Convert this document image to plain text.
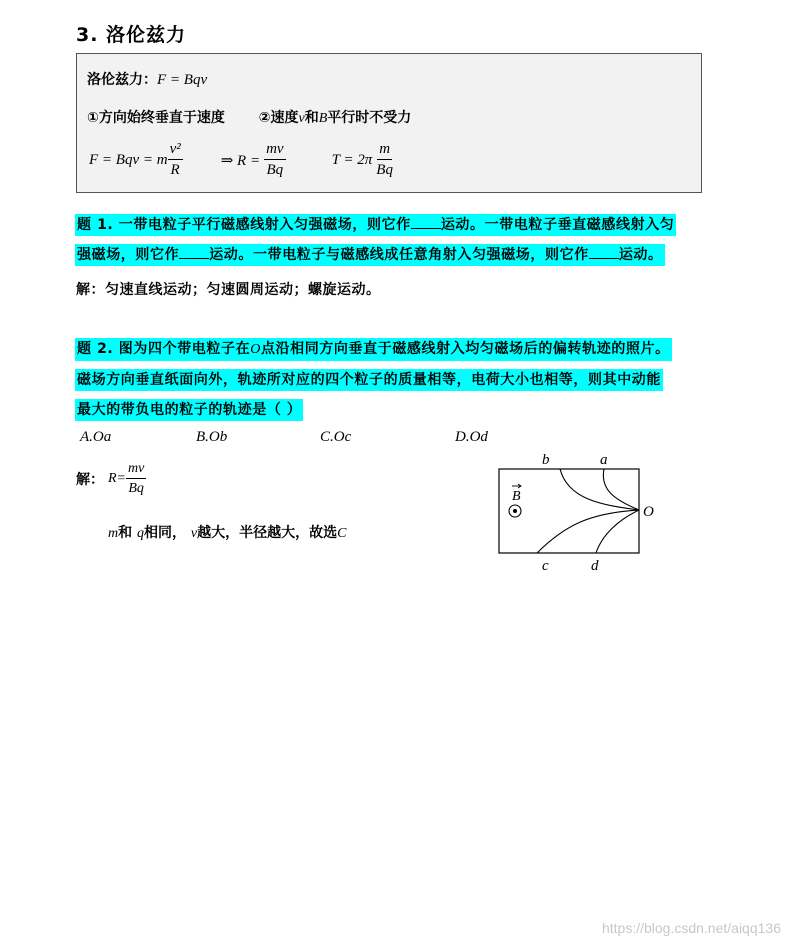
3. 洛伦兹力
洛伦兹力：F = Bqv
①方向始终垂直于速度 ②速度v和B平行时不受力
F = Bqv = m $\frac{\text{v²}}{R}$	⇒ $R = \frac{mv}{Bq}$	$T = 2\pi \frac{m}{Bq}$
题 1. 一带电粒子平行磁感线射入匀强磁场，则它作 运动。一带电粒子垂直磁感线射入匀
强磁场，则它作 运动。一带电粒子与磁感线成任意角射入匀强磁场，则它作 运动。
解：匀速直线运动；匀速圆周运动；螺旋运动。
题 2. 图为四个带电粒子在O点沿相同方向垂直于磁感线射入均匀磁场后的偏转轨迹的照片。
磁场方向垂直纸面向外，轨迹所对应的四个粒子的质量相等，电荷大小也相等，则其中动能
最大的带负电的粒子的轨迹是（ ）
A.Oa	B.Ob	C.Oc	D.Od
解： $R= \frac{mv}{Bq}$
m和 q相同， v越大，半径越大，故选C
B
b	a
O
c	d
https://blog.csdn.net/aiqq136
